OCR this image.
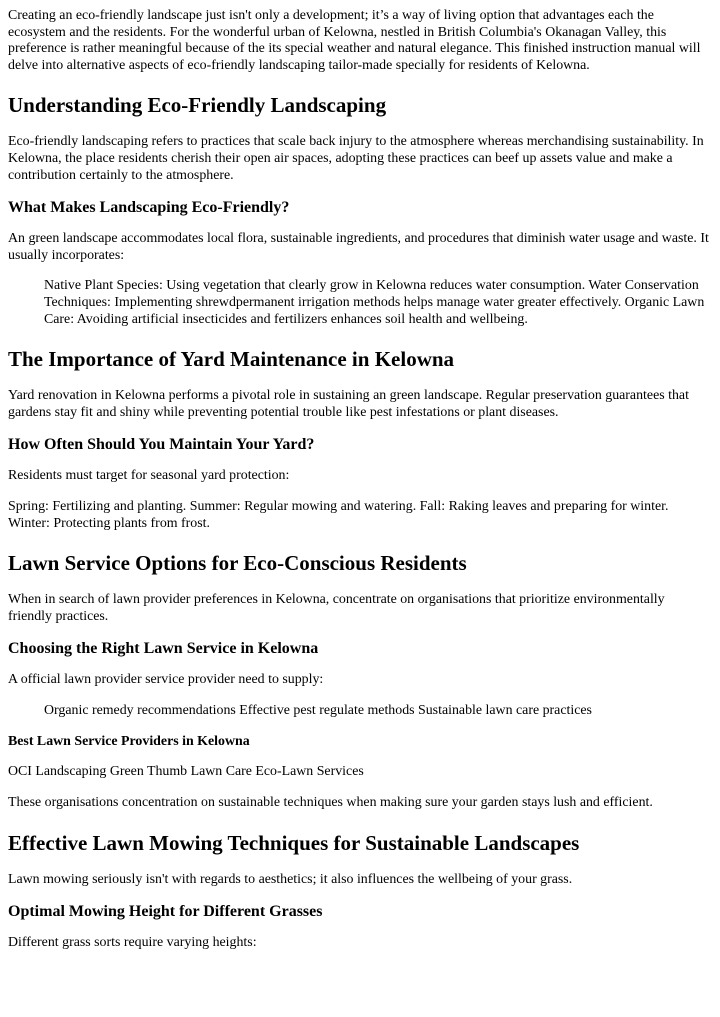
Creating an eco-friendly landscape just isn't only a development; it’s a way of living option that advantages each the ecosystem and the residents. For the wonderful urban of Kelowna, nestled in British Columbia's Okanagan Valley, this preference is rather meaningful because of the its special weather and natural elegance. This finished instruction manual will delve into alternative aspects of eco-friendly landscaping tailor-made specially for residents of Kelowna.

Understanding Eco-Friendly Landscaping

Eco-friendly landscaping refers to practices that scale back injury to the atmosphere whereas merchandising sustainability. In Kelowna, the place residents cherish their open air spaces, adopting these practices can beef up assets value and make a contribution certainly to the atmosphere.

What Makes Landscaping Eco-Friendly?

An green landscape accommodates local flora, sustainable ingredients, and procedures that diminish water usage and waste. It usually incorporates:

Native Plant Species: Using vegetation that clearly grow in Kelowna reduces water consumption. Water Conservation Techniques: Implementing shrewdpermanent irrigation methods helps manage water greater effectively. Organic Lawn Care: Avoiding artificial insecticides and fertilizers enhances soil health and wellbeing.
The Importance of Yard Maintenance in Kelowna

Yard renovation in Kelowna performs a pivotal role in sustaining an green landscape. Regular preservation guarantees that gardens stay fit and shiny while preventing potential trouble like pest infestations or plant diseases.

How Often Should You Maintain Your Yard?

Residents must target for seasonal yard protection:

Spring: Fertilizing and planting. Summer: Regular mowing and watering. Fall: Raking leaves and preparing for winter. Winter: Protecting plants from frost.

Lawn Service Options for Eco-Conscious Residents

When in search of lawn provider preferences in Kelowna, concentrate on organisations that prioritize environmentally friendly practices.

Choosing the Right Lawn Service in Kelowna

A official lawn provider service provider need to supply:

Organic remedy recommendations Effective pest regulate methods Sustainable lawn care practices
Best Lawn Service Providers in Kelowna

OCI Landscaping Green Thumb Lawn Care Eco-Lawn Services

These organisations concentration on sustainable techniques when making sure your garden stays lush and efficient.

Effective Lawn Mowing Techniques for Sustainable Landscapes

Lawn mowing seriously isn't with regards to aesthetics; it also influences the wellbeing of your grass.

Optimal Mowing Height for Different Grasses

Different grass sorts require varying heights:
